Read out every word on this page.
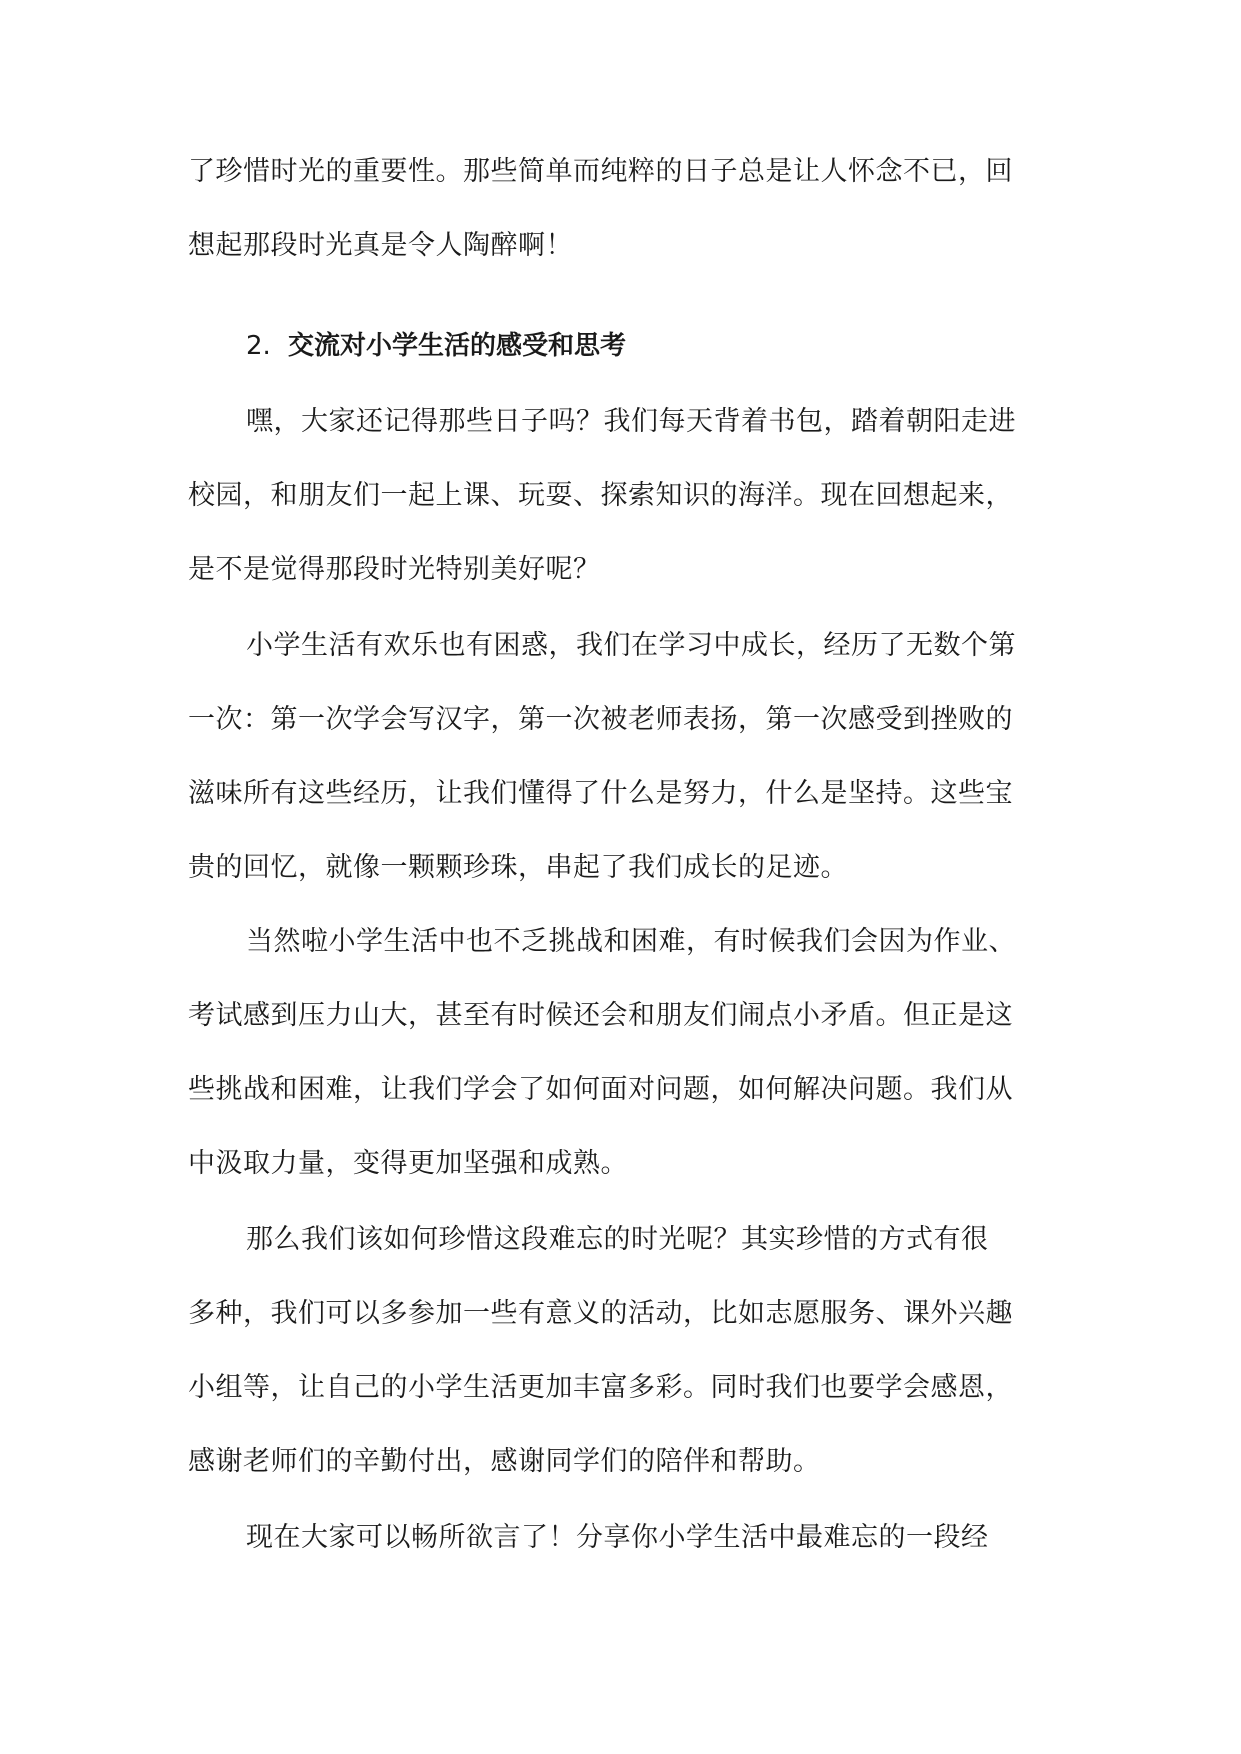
了珍惜时光的重要性。那些简单而纯粹的日子总是让人怀念不已，回
想起那段时光真是令人陶醉啊！
2. 交流对小学生活的感受和思考
嘿，大家还记得那些日子吗？我们每天背着书包，踏着朝阳走进
校园，和朋友们一起上课、玩耍、探索知识的海洋。现在回想起来，
是不是觉得那段时光特别美好呢？
小学生活有欢乐也有困惑，我们在学习中成长，经历了无数个第
一次：第一次学会写汉字，第一次被老师表扬，第一次感受到挫败的
滋味所有这些经历，让我们懂得了什么是努力，什么是坚持。这些宝
贵的回忆，就像一颗颗珍珠，串起了我们成长的足迹。
当然啦小学生活中也不乏挑战和困难，有时候我们会因为作业、
考试感到压力山大，甚至有时候还会和朋友们闹点小矛盾。但正是这
些挑战和困难，让我们学会了如何面对问题，如何解决问题。我们从
中汲取力量，变得更加坚强和成熟。
那么我们该如何珍惜这段难忘的时光呢？其实珍惜的方式有很
多种，我们可以多参加一些有意义的活动，比如志愿服务、课外兴趣
小组等，让自己的小学生活更加丰富多彩。同时我们也要学会感恩，
感谢老师们的辛勤付出，感谢同学们的陪伴和帮助。
现在大家可以畅所欲言了！分享你小学生活中最难忘的一段经
